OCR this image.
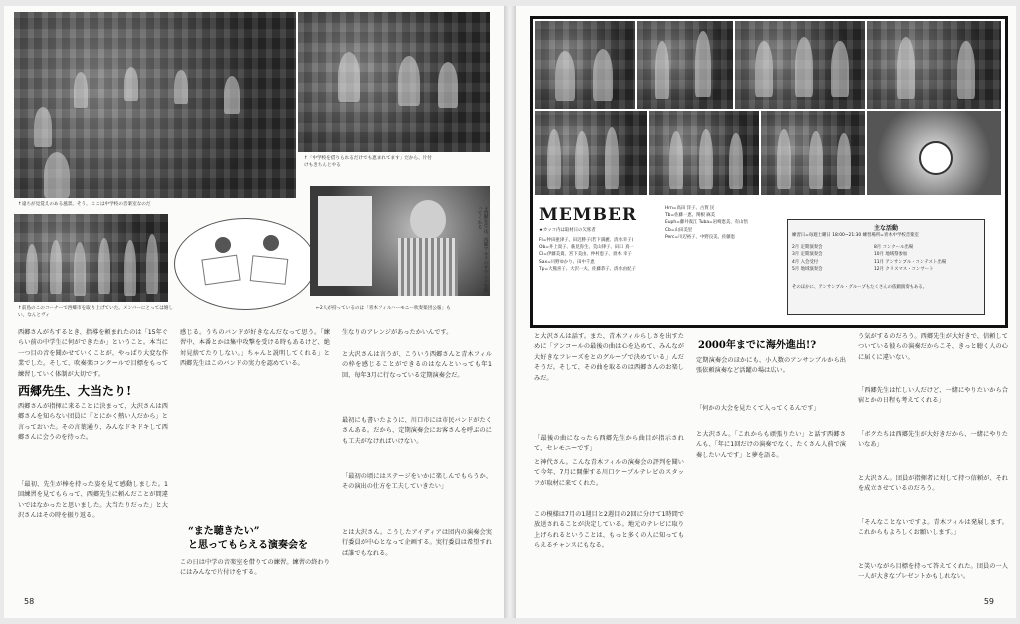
↑「中学校を借りられるだけでも恵まれてます」だから、片付けもきちんとやる
↑遠ちが見覚えのある風景。そう、ここは中学校の音楽室なのだ
→西郷先生は、西郷アキラのサウンドを作ってくれる
↑前島のこのコーナーで西郷市を取り上げていた。メンバーにとっては嬉しい。なんとヴィ
←2人が持っているのは「青木フィルハーモニー吹奏楽団公報」も
西郷さんがちするとき、指導を頼まれたのは「15年ぐらい前の中学生に何ができたか」ということ。本当に一つ目の音を聞かせていくことが、やっぱり大変な作業でした。そして、吹奏楽コンクールで目標をもって練習していく体制が大切です。
西郷先生、大当たり!
西郷さんが指揮に来ることに決まって、大沢さんは西郷さんを知らない団員に「とにかく熱い人だから」と言っておいた。その言葉通り、みんなドキドキして西郷さんに会うのを待った。
「最初、先生が棒を持った姿を見て感動しました。1回練習を見てもらって、西郷先生に頼んだことが間違いではなかったと思いました。大当たりだった」と大沢さんはその時を振り返る。
感じる。うちのバンドが好きなんだなって思う。「練習中、本番とかは集中攻撃を受ける時もあるけど、絶対見捨てたりしない。」ちゃんと説明してくれる」と西郷先生はこのバンドの実力を認めている。
“また聴きたい”
と思ってもらえる演奏会を
この日は中学の音楽室を借りての練習。練習の終わりにはみんなで片付けをする。
生なりのアレンジがあったかいんです。
と大沢さんは言うが、こういう西郷さんと青木フィルの枠を感じることができるのはなんといっても年1回、毎年3月に行なっている定期演奏会だ。
最初にも書いたように、川口市には市民バンドがたくさんある。だから、定期演奏会にお客さんを呼ぶのにも工夫がなければいけない。
「最初の頃にはステージをいかに楽しんでもらうか、その演出の仕方を工夫していきたい」
とは大沢さん。こうしたアイディアは団内の演奏会実行委員が中心となって企画する。実行委員は希望すれば誰でもなれる。
58
MEMBER
★カッコ内は取材日の欠席者
Fl=仲田亜津子、田辺勝子(若下満麗、清水幸子)
Ob=井上貴子、萩見弥生、荒山律子、田口 真一
Cl=伊藤美貴、宮下美由、仲村恵子、須木 幸子
Sax=川野ゆかり、田中千恵
Tp=大熊喜子、大沢一夫、佐藤恭子、清水由紀子
Hrn=高田 洋子、古賀 民
Tb=佐藤一恵、関根 麻美
Euph=藤井貴江 Tuba=岩崎恵美、有山悟
Cb=山田美里
Perc=川辺裕子、中野良美、佐藤恵
主な活動
練習日=毎週土曜日 18:00~21:30 練習場所=青木中学校音楽室
2月 定期演奏会
3月 定期演奏会
4月 入会受付
5月 地域演奏会
8月 コンクール出場
10月 地域祭参加
11月 アンサンブル・コンテスト出場
12月 クリスマス・コンサート
そのほかに、アンサンブル・グループもたくさんの依頼演奏もある。
と大沢さんは話す。また、青木フィルらしさを出すために「アンコールの最後の曲は心を込めて、みんなが大好きなフレーズをとのグループで決めている」んだそうだ。そして、その曲を取るのは西郷さんのお楽しみだ。
「最後の曲になったら西郷先生から曲目が指示されて、セレモニーです」
と神代さん。こんな青木フィルの演奏会の評判を聞いて今年、7月に開催する川口ケーブルテレビのスタッフが取材に来てくれた。
この模様は7月の1週目と2週目の2回に分けて1時間で放送されることが決定している。地元のテレビに取り上げられるということは、もっと多くの人に知ってもらえるチャンスにもなる。
2000年までに海外進出!?
定期演奏会のほかにも、小人数のアンサンブルから出張依頼演奏など活躍の場は広い。
「何かの大会を見たくて入ってくるんです」
と大沢さん。「これからも頑張りたい」と話す西郷さんも、「年に1回だけの演奏でなく、たくさん人前で演奏したいんです」と夢を語る。
う気がするのだろう。西郷先生が大好きで、信頼してついている彼らの演奏だからこそ、きっと聴く人の心に届くに違いない。
「西郷先生は忙しい人だけど、一緒にやりたいから合宿とかの日程も考えてくれる」
「ボクたちは西郷先生が大好きだから、一緒にやりたいなあ」
と大沢さん。団員が指揮者に対して持つ信頼が、それを成立させているのだろう。
「そんなことないですよ。青木フィルは発展します。これからもよろしくお願いします。」
と笑いながら目標を持って答えてくれた。団員の一人一人が大きなプレゼントかもしれない。
59
